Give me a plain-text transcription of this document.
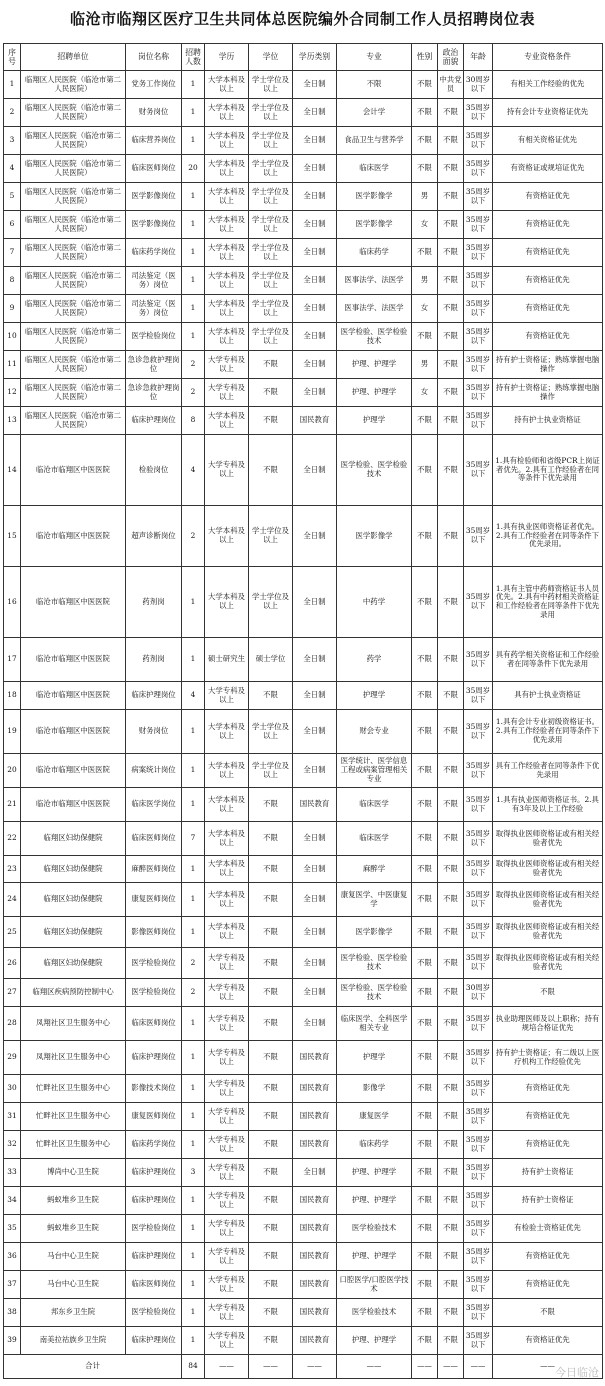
临沧市临翔区医疗卫生共同体总医院编外合同制工作人员招聘岗位表
序号	招聘单位	岗位名称	招聘人数	学历	学位	学历类别	专业	性别	政治面貌	年龄	专业资格条件
1	临翔区人民医院（临沧市第二人民医院）	党务工作岗位	1	大学本科及以上	学士学位及以上	全日制	不限	不限	中共党员	30周岁以下	有相关工作经验的优先
2	临翔区人民医院（临沧市第二人民医院）	财务岗位	1	大学本科及以上	学士学位及以上	全日制	会计学	不限	不限	35周岁以下	持有会计专业资格证优先
3	临翔区人民医院（临沧市第二人民医院）	临床营养岗位	1	大学本科及以上	学士学位及以上	全日制	食品卫生与营养学	不限	不限	35周岁以下	有相关资格证优先
4	临翔区人民医院（临沧市第二人民医院）	临床医师岗位	20	大学本科及以上	学士学位及以上	全日制	临床医学	不限	不限	35周岁以下	有资格证或规培证优先
5	临翔区人民医院（临沧市第二人民医院）	医学影像岗位	1	大学本科及以上	学士学位及以上	全日制	医学影像学	男	不限	35周岁以下	有资格证优先
6	临翔区人民医院（临沧市第二人民医院）	医学影像岗位	1	大学本科及以上	学士学位及以上	全日制	医学影像学	女	不限	35周岁以下	有资格证优先
7	临翔区人民医院（临沧市第二人民医院）	临床药学岗位	1	大学本科及以上	学士学位及以上	全日制	临床药学	不限	不限	35周岁以下	有资格证优先
8	临翔区人民医院（临沧市第二人民医院）	司法鉴定（医务）岗位	1	大学本科及以上	学士学位及以上	全日制	医事法学、法医学	男	不限	35周岁以下	有资格证优先
9	临翔区人民医院（临沧市第二人民医院）	司法鉴定（医务）岗位	1	大学本科及以上	学士学位及以上	全日制	医事法学、法医学	女	不限	35周岁以下	有资格证优先
10	临翔区人民医院（临沧市第二人民医院）	医学检验岗位	1	大学本科及以上	学士学位及以上	全日制	医学检验、医学检验技术	不限	不限	35周岁以下	有资格证优先
11	临翔区人民医院（临沧市第二人民医院）	急诊急救护理岗位	2	大学专科及以上	不限	全日制	护理、护理学	男	不限	35周岁以下	持有护士资格证；熟练掌握电脑操作
12	临翔区人民医院（临沧市第二人民医院）	急诊急救护理岗位	2	大学专科及以上	不限	全日制	护理、护理学	女	不限	35周岁以下	持有护士资格证；熟练掌握电脑操作
13	临翔区人民医院（临沧市第二人民医院）	临床护理岗位	8	大学本科及以上	不限	国民教育	护理学	不限	不限	35周岁以下	持有护士执业资格证
14	临沧市临翔区中医医院	检验岗位	4	大学专科及以上	不限	全日制	医学检验、医学检验技术	不限	不限	35周岁以下	1.具有检验师和省级PCR上岗证者优先。2.具有工作经验者在同等条件下优先录用
15	临沧市临翔区中医医院	超声诊断岗位	2	大学本科及以上	学士学位及以上	全日制	医学影像学	不限	不限	35周岁以下	1.具有执业医师资格证者优先。2.具有工作经验者在同等条件下优先录用。
16	临沧市临翔区中医医院	药剂岗	1	大学本科及以上	学士学位及以上	全日制	中药学	不限	不限	35周岁以下	1.具有主管中药师资格证书人员优先。2.具有中药材相关资格证和工作经验者在同等条件下优先录用
17	临沧市临翔区中医医院	药剂岗	1	硕士研究生	硕士学位	全日制	药学	不限	不限	35周岁以下	具有药学相关资格证和工作经验者在同等条件下优先录用
18	临沧市临翔区中医医院	临床护理岗位	4	大学专科及以上	不限	全日制	护理学	不限	不限	35周岁以下	具有护士执业资格证
19	临沧市临翔区中医医院	财务岗位	1	大学本科及以上	学士学位及以上	全日制	财会专业	不限	不限	35周岁以下	1.具有会计专业初级资格证书。2.具有工作经验者在同等条件下优先录用
20	临沧市临翔区中医医院	病案统计岗位	1	大学本科及以上	学士学位及以上	全日制	医学统计、医学信息工程或病案管理相关专业	不限	不限	35周岁以下	具有工作经验者在同等条件下优先录用
21	临沧市临翔区中医医院	临床医学岗位	1	大学本科及以上	不限	国民教育	临床医学	不限	不限	35周岁以下	1.具有执业医师资格证书。2.具有3年及以上工作经验
22	临翔区妇幼保健院	临床医师岗位	7	大学本科及以上	不限	全日制	临床医学	不限	不限	35周岁以下	取得执业医师资格证或有相关经验者优先
23	临翔区妇幼保健院	麻醉医师岗位	1	大学本科及以上	不限	全日制	麻醉学	不限	不限	35周岁以下	取得执业医师资格证或有相关经验者优先
24	临翔区妇幼保健院	康复医师岗位	1	大学本科及以上	不限	全日制	康复医学、中医康复学	不限	不限	35周岁以下	取得执业医师资格证或有相关经验者优先
25	临翔区妇幼保健院	影像医师岗位	1	大学本科及以上	不限	全日制	医学影像学	不限	不限	35周岁以下	取得执业医师资格证或有相关经验者优先
26	临翔区妇幼保健院	医学检验岗位	2	大学专科及以上	不限	全日制	医学检验、医学检验技术	不限	不限	35周岁以下	取得执业医师资格证或有相关经验者优先
27	临翔区疾病预防控制中心	医学检验岗位	2	大学专科及以上	不限	全日制	医学检验、医学检验技术	不限	不限	30周岁以下	不限
28	凤翔社区卫生服务中心	临床医师岗位	1	大学专科及以上	不限	全日制	临床医学、全科医学相关专业	不限	不限	35周岁以下	执业助理医师及以上职称；持有规培合格证优先
29	凤翔社区卫生服务中心	临床护理岗位	1	大学专科及以上	不限	国民教育	护理学	不限	不限	35周岁以下	持有护士资格证；有二级以上医疗机构工作经验优先
30	忙畔社区卫生服务中心	影像技术岗位	1	大学专科及以上	不限	国民教育	影像学	不限	不限	35周岁以下	有资格证优先
31	忙畔社区卫生服务中心	康复医师岗位	1	大学专科及以上	不限	国民教育	康复医学	不限	不限	35周岁以下	有资格证优先
32	忙畔社区卫生服务中心	临床药学岗位	1	大学专科及以上	不限	国民教育	临床药学	不限	不限	35周岁以下	有资格证优先
33	博尚中心卫生院	临床护理岗位	3	大学专科及以上	不限	全日制	护理、护理学	不限	不限	35周岁以下	持有护士资格证
34	蚂蚁堆乡卫生院	临床护理岗位	1	大学专科及以上	不限	国民教育	护理、护理学	不限	不限	35周岁以下	持有护士资格证
35	蚂蚁堆乡卫生院	医学检验岗位	1	大学专科及以上	不限	国民教育	医学检验技术	不限	不限	35周岁以下	有检验士资格证优先
36	马台中心卫生院	临床护理岗位	1	大学专科及以上	不限	国民教育	护理、护理学	不限	不限	35周岁以下	有资格证优先
37	马台中心卫生院	临床医师岗位	1	大学专科及以上	不限	国民教育	口腔医学/口腔医学技术	不限	不限	35周岁以下	有资格证优先
38	邦东乡卫生院	医学检验岗位	1	大学专科及以上	不限	国民教育	医学检验技术	不限	不限	35周岁以下	不限
39	南美拉祜族乡卫生院	临床护理岗位	1	大学专科及以上	不限	国民教育	护理、护理学	不限	不限	35周岁以下	有资格证优先
合计			84	——	——	——	——	——	——	——	——
今日临沧
